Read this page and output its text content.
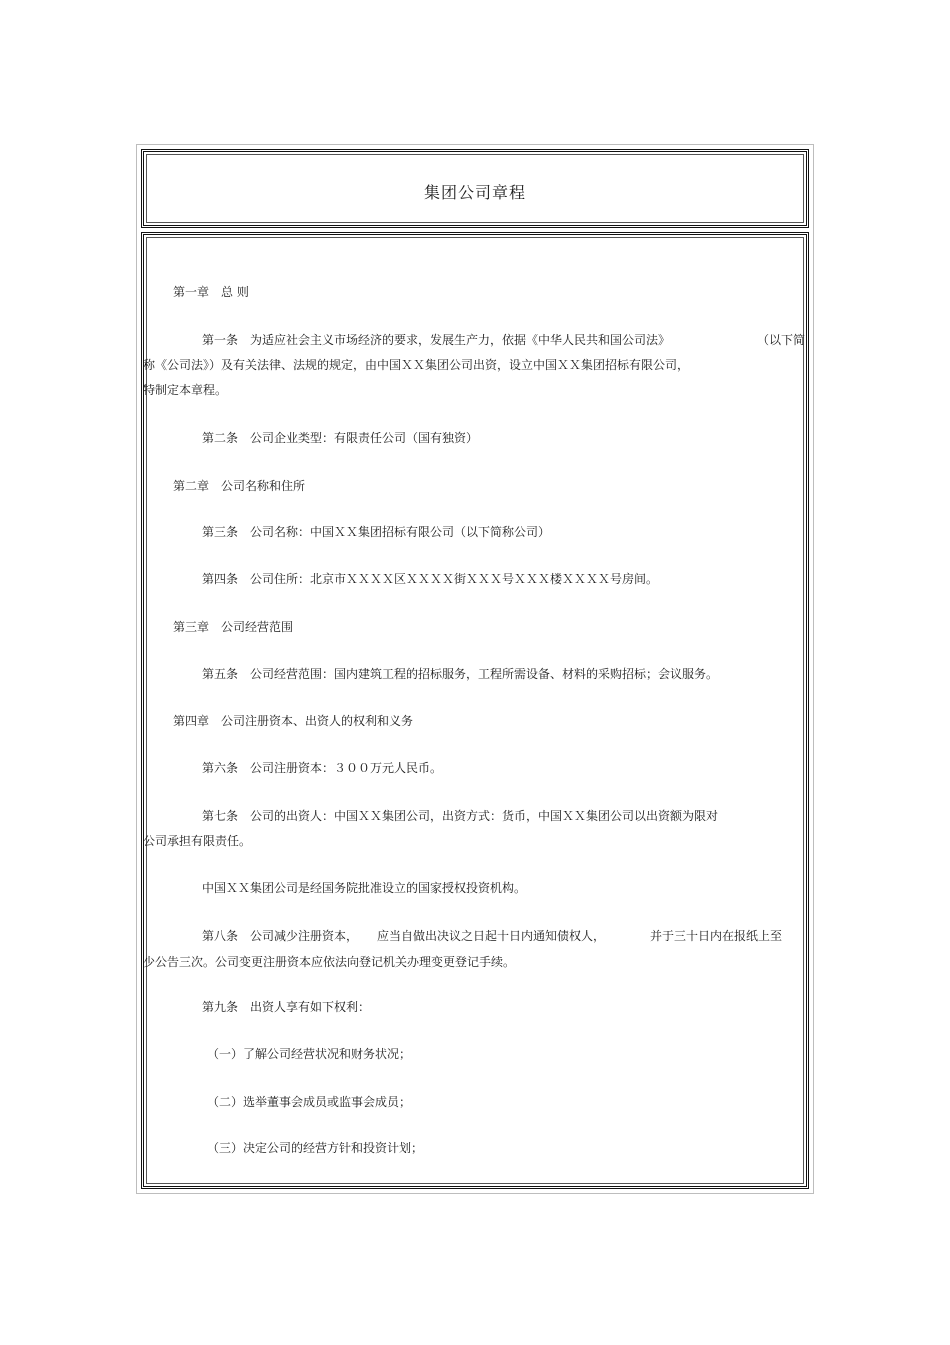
集团公司章程
第一章　总 则
第一条　为适应社会主义市场经济的要求，发展生产力，依据《中华人民共和国公司法》	（以下简
称《公司法》）及有关法律、法规的规定，由中国ＸＸ集团公司出资，设立中国ＸＸ集团招标有限公司，
特制定本章程。
第二条　公司企业类型：有限责任公司（国有独资）
第二章　公司名称和住所
第三条　公司名称：中国ＸＸ集团招标有限公司（以下简称公司）
第四条　公司住所：北京市ＸＸＸＸ区ＸＸＸＸ街ＸＸＸ号ＸＸＸ楼ＸＸＸＸ号房间。
第三章　公司经营范围
第五条　公司经营范围：国内建筑工程的招标服务，工程所需设备、材料的采购招标；会议服务。
第四章　公司注册资本、出资人的权利和义务
第六条　公司注册资本：３００万元人民币。
第七条　公司的出资人：中国ＸＸ集团公司，出资方式：货币，中国ＸＸ集团公司以出资额为限对
公司承担有限责任。
中国ＸＸ集团公司是经国务院批准设立的国家授权投资机构。
第八条　公司减少注册资本， 应当自做出决议之日起十日内通知债权人，	并于三十日内在报纸上至
少公告三次。公司变更注册资本应依法向登记机关办理变更登记手续。
第九条　出资人享有如下权利：
（一）了解公司经营状况和财务状况；
（二）选举董事会成员或监事会成员；
（三）决定公司的经营方针和投资计划；
